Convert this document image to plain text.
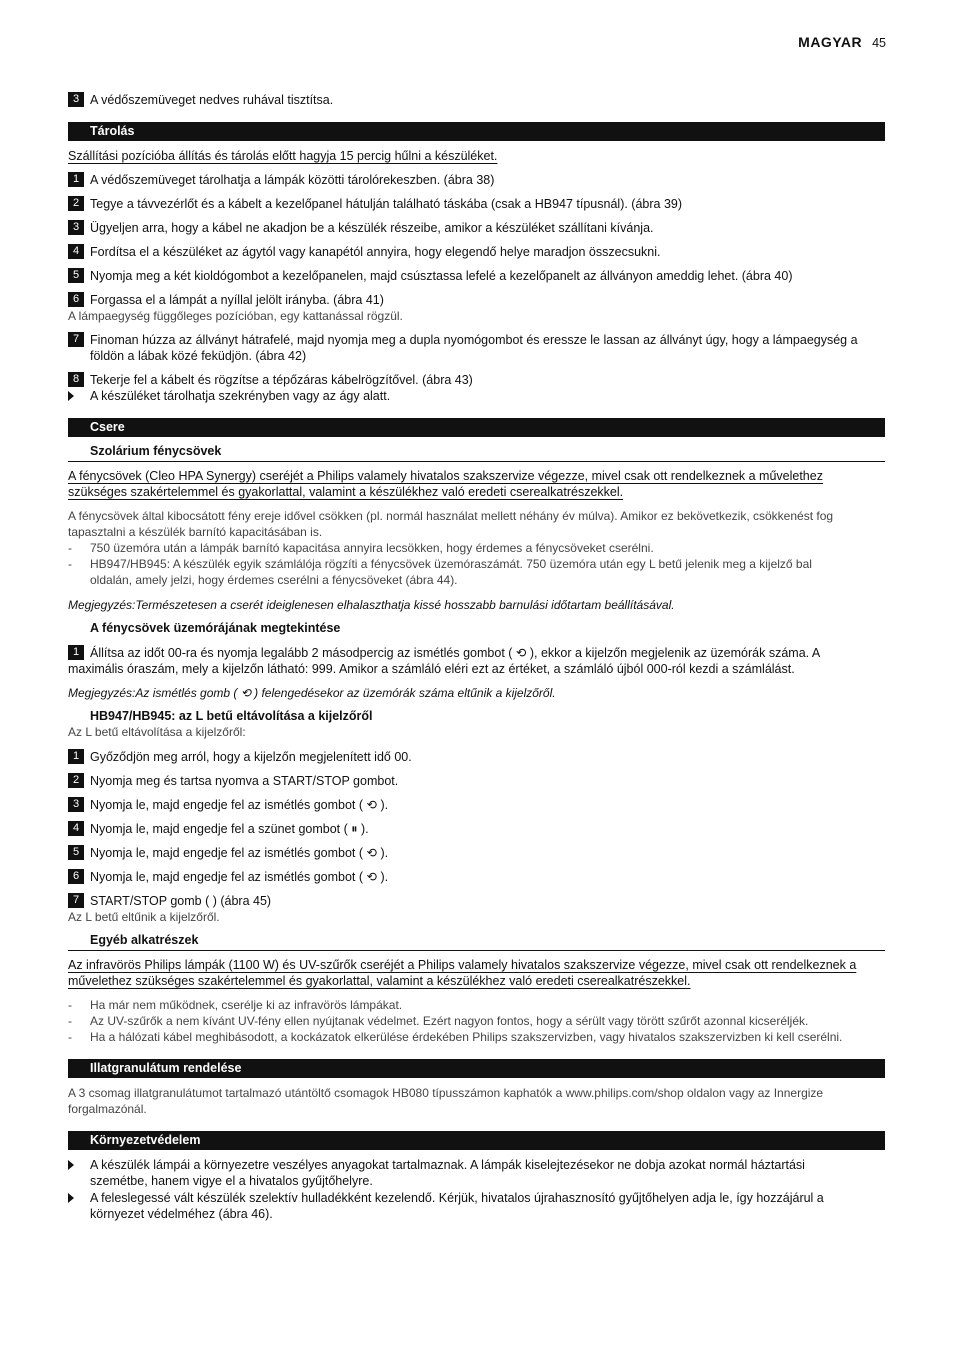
MAGYAR 45
3 A védőszemüveget nedves ruhával tisztítsa.
Tárolás
Szállítási pozícióba állítás és tárolás előtt hagyja 15 percig hűlni a készüléket.
1 A védőszemüveget tárolhatja a lámpák közötti tárolórekeszben. (ábra 38)
2 Tegye a távvezérlőt és a kábelt a kezelőpanel hátulján található táskába (csak a HB947 típusnál). (ábra 39)
3 Ügyeljen arra, hogy a kábel ne akadjon be a készülék részeibe, amikor a készüléket szállítani kívánja.
4 Fordítsa el a készüléket az ágytól vagy kanapétól annyira, hogy elegendő helye maradjon összecsukni.
5 Nyomja meg a két kioldógombot a kezelőpanelen, majd csúsztassa lefelé a kezelőpanelt az állványon ameddig lehet. (ábra 40)
6 Forgassa el a lámpát a nyíllal jelölt irányba. (ábra 41)
A lámpaegység függőleges pozícióban, egy kattanással rögzül.
7 Finoman húzza az állványt hátrafelé, majd nyomja meg a dupla nyomógombot és eressze le lassan az állványt úgy, hogy a lámpaegység a földön a lábak közé feküdjön. (ábra 42)
8 Tekerje fel a kábelt és rögzítse a tépőzáras kábelrögzítővel. (ábra 43)
A készüléket tárolhatja szekrényben vagy az ágy alatt.
Csere
Szolárium fénycsövek
A fénycsövek (Cleo HPA Synergy) cseréjét a Philips valamely hivatalos szakszervize végezze, mivel csak ott rendelkeznek a művelethez
szükséges szakértelemmel és gyakorlattal, valamint a készülékhez való eredeti cserealkatrészekkel.
A fénycsövek által kibocsátott fény ereje idővel csökken (pl. normál használat mellett néhány év múlva). Amikor ez bekövetkezik, csökkenést fog
tapasztalni a készülék barnító kapacitásában is.
-	750 üzemóra után a lámpák barnító kapacitása annyira lecsökken, hogy érdemes a fénycsöveket cserélni.
-	HB947/HB945: A készülék egyik számlálója rögzíti a fénycsövek üzemóraszámát. 750 üzemóra után egy L betű jelenik meg a kijelző bal
oldalán, amely jelzi, hogy érdemes cserélni a fénycsöveket (ábra 44).
Megjegyzés:Természetesen a cserét ideiglenesen elhalaszthatja kissé hosszabb barnulási időtartam beállításával.
A fénycsövek üzemórájának megtekintése
1 Állítsa az időt 00-ra és nyomja legalább 2 másodpercig az ismétlés gombot ( ⟲ ), ekkor a kijelzőn megjelenik az üzemórák száma. A
maximális óraszám, mely a kijelzőn látható: 999. Amikor a számláló eléri ezt az értéket, a számláló újból 000-ról kezdi a számlálást.
Megjegyzés:Az ismétlés gomb ( ⟲ ) felengedésekor az üzemórák száma eltűnik a kijelzőről.
HB947/HB945: az L betű eltávolítása a kijelzőről
Az L betű eltávolítása a kijelzőről:
1 Győződjön meg arról, hogy a kijelzőn megjelenített idő 00.
2 Nyomja meg és tartsa nyomva a START/STOP gombot.
3 Nyomja le, majd engedje fel az ismétlés gombot ( ⟲ ).
4 Nyomja le, majd engedje fel a szünet gombot ( ⏸ ).
5 Nyomja le, majd engedje fel az ismétlés gombot ( ⟲ ).
6 Nyomja le, majd engedje fel az ismétlés gombot ( ⟲ ).
7 START/STOP gomb ( ) (ábra 45)
Az L betű eltűnik a kijelzőről.
Egyéb alkatrészek
Az infravörös Philips lámpák (1100 W) és UV-szűrők cseréjét a Philips valamely hivatalos szakszervize végezze, mivel csak ott rendelkeznek a
művelethez szükséges szakértelemmel és gyakorlattal, valamint a készülékhez való eredeti cserealkatrészekkel.
-	Ha már nem működnek, cserélje ki az infravörös lámpákat.
-	Az UV-szűrők a nem kívánt UV-fény ellen nyújtanak védelmet. Ezért nagyon fontos, hogy a sérült vagy törött szűrőt azonnal kicseréljék.
-	Ha a hálózati kábel meghibásodott, a kockázatok elkerülése érdekében Philips szakszervizben, vagy hivatalos szakszervizben ki kell cserélni.
Illatgranulátum rendelése
A 3 csomag illatgranulátumot tartalmazó utántöltő csomagok HB080 típusszámon kaphatók a www.philips.com/shop oldalon vagy az Innergize
forgalmazónál.
Környezetvédelem
A készülék lámpái a környezetre veszélyes anyagokat tartalmaznak. A lámpák kiselejtezésekor ne dobja azokat normál háztartási
szemétbe, hanem vigye el a hivatalos gyűjtőhelyre.
A feleslegessé vált készülék szelektív hulladékként kezelendő. Kérjük, hivatalos újrahasznosító gyűjtőhelyen adja le, így hozzájárul a
környezet védelméhez (ábra 46).
